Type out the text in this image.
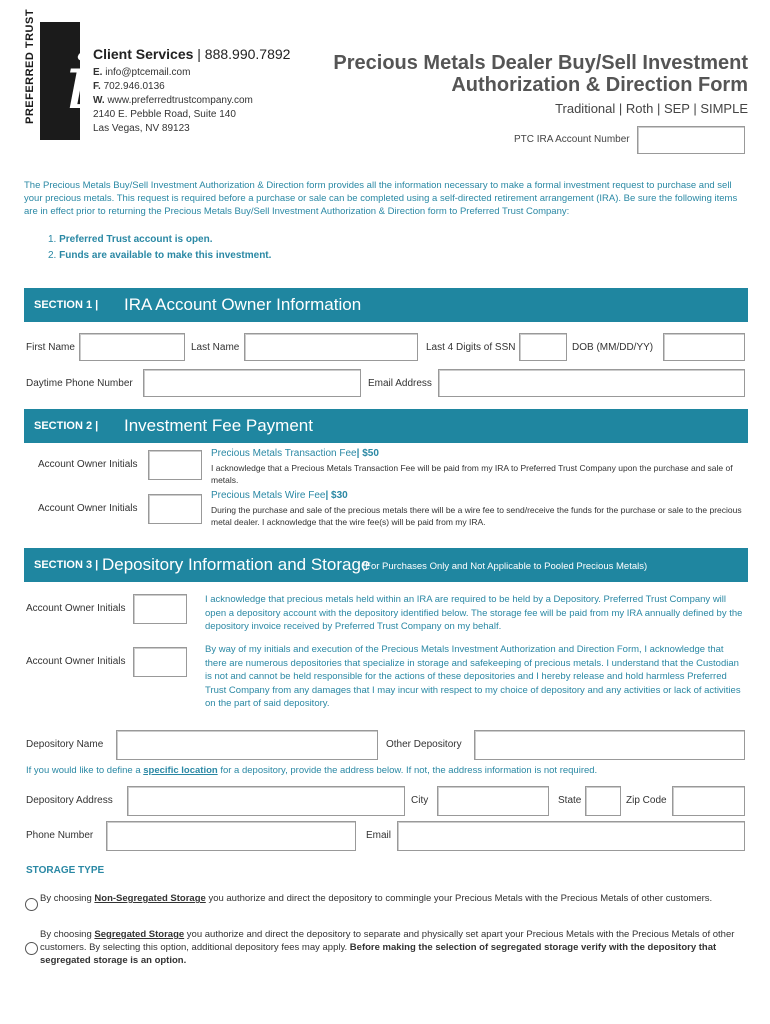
PREFERRED TRUST i Client Services | 888.990.7892
E. info@ptcemail.com
F. 702.946.0136
W. www.preferredtrustcompany.com
2140 E. Pebble Road, Suite 140
Las Vegas, NV 89123
Precious Metals Dealer Buy/Sell Investment
Authorization & Direction Form
Traditional | Roth | SEP | SIMPLE
PTC IRA Account Number
The Precious Metals Buy/Sell Investment Authorization & Direction form provides all the information necessary to make a formal investment request to purchase and sell your precious metals. This request is required before a purchase or sale can be completed using a self-directed retirement arrangement (IRA). Be sure the following items are in effect prior to returning the Precious Metals Buy/Sell Investment Authorization & Direction form to Preferred Trust Company:
1. Preferred Trust account is open.
2. Funds are available to make this investment.
SECTION 1 | IRA Account Owner Information
First Name	Last Name	Last 4 Digits of SSN	DOB (MM/DD/YY)
Daytime Phone Number	Email Address
SECTION 2 | Investment Fee Payment
Account Owner Initials
Precious Metals Transaction Fee| $50
I acknowledge that a Precious Metals Transaction Fee will be paid from my IRA to Preferred Trust Company upon the purchase and sale of metals.
Account Owner Initials
Precious Metals Wire Fee| $30
During the purchase and sale of the precious metals there will be a wire fee to send/receive the funds for the purchase or sale to the precious metal dealer. I acknowledge that the wire fee(s) will be paid from my IRA.
SECTION 3 | Depository Information and Storage
(For Purchases Only and Not Applicable to Pooled Precious Metals)
Account Owner Initials
I acknowledge that precious metals held within an IRA are required to be held by a Depository. Preferred Trust Company will open a depository account with the depository identified below. The storage fee will be paid from my IRA annually defined by the depository invoice received by Preferred Trust Company on my behalf.
Account Owner Initials
By way of my initials and execution of the Precious Metals Investment Authorization and Direction Form, I acknowledge that there are numerous depositories that specialize in storage and safekeeping of precious metals. I understand that the Custodian is not and cannot be held responsible for the actions of these depositories and I hereby release and hold harmless Preferred Trust Company from any damages that I may incur with respect to my choice of depository and any activities or lack of activities on the part of said depository.
Depository Name	Other Depository
If you would like to define a specific location for a depository, provide the address below. If not, the address information is not required.
Depository Address	City	State	Zip Code
Phone Number	Email
STORAGE TYPE
By choosing Non-Segregated Storage you authorize and direct the depository to commingle your Precious Metals with the Precious Metals of other customers.
By choosing Segregated Storage you authorize and direct the depository to separate and physically set apart your Precious Metals with the Precious Metals of other customers. By selecting this option, additional depository fees may apply. Before making the selection of segregated storage verify with the depository that segregated storage is an option.
